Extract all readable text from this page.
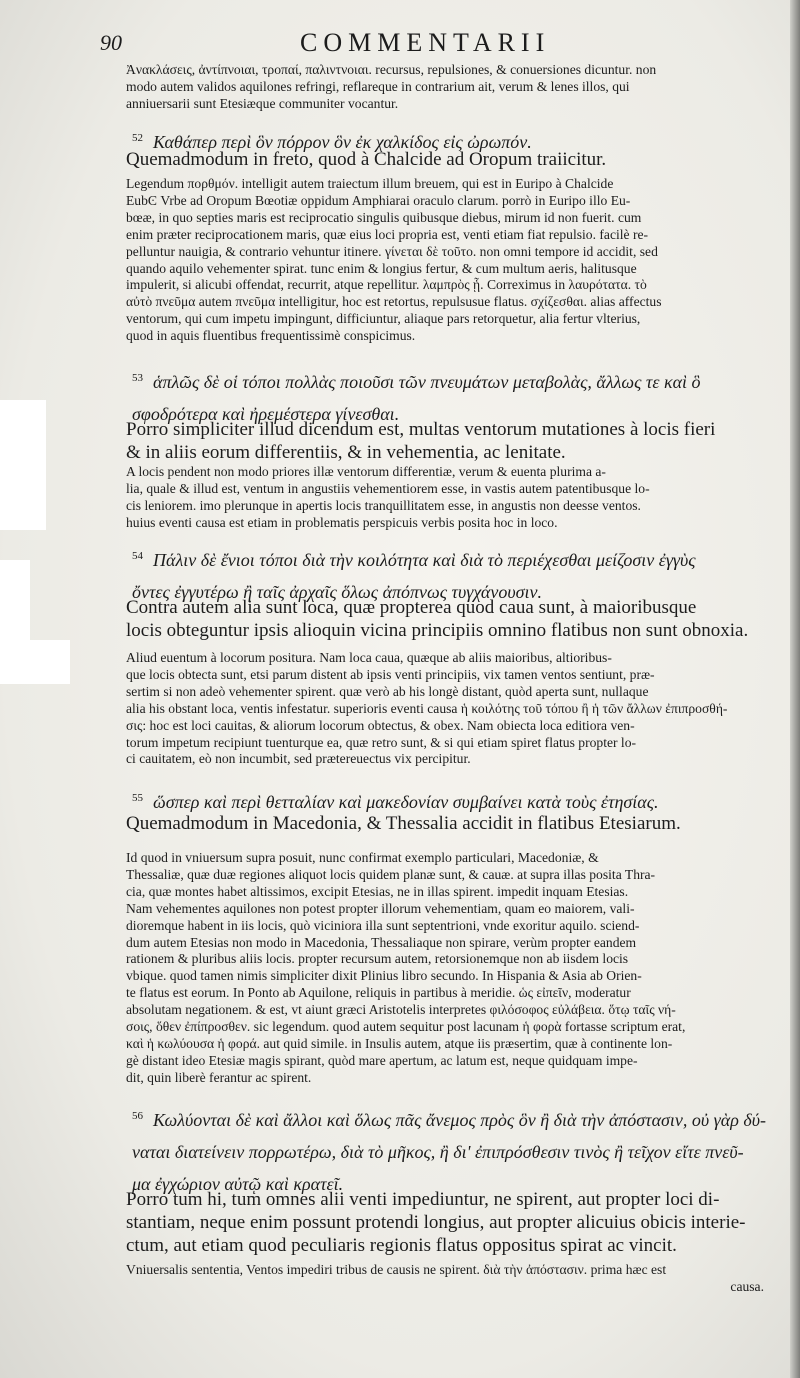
90	COMMENTARII
Ἀνακλάσεις, ἀντίπνοιαι, τροπαί, παλιντνοιαι. recursus, repulsiones, & conuersiones dicuntur. non
modo autem validos aquilones refringi, reflareque in contrarium ait, verum & lenes illos, qui
anniuersarii sunt Etesiæque communiter vocantur.
$^{52}$ Καθάπερ περὶ ὃν πόρρον ὃν ἐκ χαλκίδος εἰς ὠρωπόν.
Quemadmodum in freto, quod à Chalcide ad Oropum traiicitur.
Legendum πορθμόν. intelligit autem traiectum illum breuem, qui est in Euripo à Chalcide
EubϾ Vrbe ad Oropum Bœotiæ oppidum Amphiarai oraculo clarum. porrò in Euripo illo Eu-
bœæ, in quo septies maris est reciprocatio singulis quibusque diebus, mirum id non fuerit. cum
enim præter reciprocationem maris, quæ eius loci propria est, venti etiam fiat repulsio. facilè re-
pelluntur nauigia, & contrario vehuntur itinere. γίνεται δὲ τοῦτο. non omni tempore id accidit, sed
quando aquilo vehementer spirat. tunc enim & longius fertur, & cum multum aeris, halitusque
impulerit, si alicubi offendat, recurrit, atque repellitur. λαμπρὸς ᾖ. Correximus in λαυρότατα. τὸ
αὐτὸ πνεῦμα autem πνεῦμα intelligitur, hoc est retortus, repulsusue flatus. σχίζεσθαι. alias affectus
ventorum, qui cum impetu impingunt, difficiuntur, aliaque pars retorquetur, alia fertur vlterius,
quod in aquis fluentibus frequentissimè conspicimus.
$^{53}$ ἁπλῶς δὲ οἱ τόποι πολλὰς ποιοῦσι τῶν πνευμάτων μεταβολὰς, ἄλλως τε καὶ ὃ
σφοδρότερα καὶ ἠρεμέστερα γίνεσθαι.
Porro simpliciter illud dicendum est, multas ventorum mutationes à locis fieri
& in aliis eorum differentiis, & in vehementia, ac lenitate.
A locis pendent non modo priores illæ ventorum differentiæ, verum & euenta plurima a-
lia, quale & illud est, ventum in angustiis vehementiorem esse, in vastis autem patentibusque lo-
cis leniorem. imo plerunque in apertis locis tranquillitatem esse, in angustis non deesse ventos.
huius eventi causa est etiam in problematis perspicuis verbis posita hoc in loco.
$^{54}$ Πάλιν δὲ ἔνιοι τόποι διὰ τὴν κοιλότητα καὶ διὰ τὸ περιέχεσθαι μείζοσιν ἐγγὺς
ὄντες ἐγγυτέρω ἢ ταῖς ἀρχαῖς ὅλως ἀπόπνως τυγχάνουσιν.
Contra autem alia sunt loca, quæ propterea quod caua sunt, à maioribusque
locis obteguntur ipsis alioquin vicina principiis omnino flatibus non sunt obnoxia.
Aliud euentum à locorum positura. Nam loca caua, quæque ab aliis maioribus, altioribus-
que locis obtecta sunt, etsi parum distent ab ipsis venti principiis, vix tamen ventos sentiunt, præ-
sertim si non adeò vehementer spirent. quæ verò ab his longè distant, quòd aperta sunt, nullaque
alia his obstant loca, ventis infestatur. superioris eventi causa ἡ κοιλότης τοῦ τόπου ἢ ἡ τῶν ἄλλων ἐπιπροσθή-
σις: hoc est loci cauitas, & aliorum locorum obtectus, & obex. Nam obiecta loca editiora ven-
torum impetum recipiunt tuenturque ea, quæ retro sunt, & si qui etiam spiret flatus propter lo-
ci cauitatem, eò non incumbit, sed prætereuectus vix percipitur.
$^{55}$ ὥσπερ καὶ περὶ θετταλίαν καὶ μακεδονίαν συμβαίνει κατὰ τοὺς ἐτησίας.
Quemadmodum in Macedonia, & Thessalia accidit in flatibus Etesiarum.
Id quod in vniuersum supra posuit, nunc confirmat exemplo particulari, Macedoniæ, &
Thessaliæ, quæ duæ regiones aliquot locis quidem planæ sunt, & cauæ. at supra illas posita Thra-
cia, quæ montes habet altissimos, excipit Etesias, ne in illas spirent. impedit inquam Etesias.
Nam vehementes aquilones non potest propter illorum vehementiam, quam eo maiorem, vali-
dioremque habent in iis locis, quò viciniora illa sunt septentrioni, vnde exoritur aquilo. sciend-
dum autem Etesias non modo in Macedonia, Thessaliaque non spirare, verùm propter eandem
rationem & pluribus aliis locis. propter recursum autem, retorsionemque non ab iisdem locis
vbique. quod tamen nimis simpliciter dixit Plinius libro secundo. In Hispania & Asia ab Orien-
te flatus est eorum. In Ponto ab Aquilone, reliquis in partibus à meridie. ὡς εἰπεῖν, moderatur
absolutam negationem. & est, vt aiunt græci Aristotelis interpretes φιλόσοφος εὐλάβεια. ὅτῳ ταῖς νή-
σοις, ὅθεν ἐπίπροσθεν. sic legendum. quod autem sequitur post lacunam ἡ φορὰ fortasse scriptum erat,
καὶ ἡ κωλύουσα ἡ φορά. aut quid simile. in Insulis autem, atque iis præsertim, quæ à continente lon-
gè distant ideo Etesiæ magis spirant, quòd mare apertum, ac latum est, neque quidquam impe-
dit, quin liberè ferantur ac spirent.
$^{56}$ Κωλύονται δὲ καὶ ἄλλοι καὶ ὅλως πᾶς ἄνεμος πρὸς ὃν ἢ διὰ τὴν ἀπόστασιν, οὐ γὰρ δύ-
ναται διατείνειν πορρωτέρω, διὰ τὸ μῆκος, ἢ δι' ἐπιπρόσθεσιν τινὸς ἢ τεῖχον εἴτε πνεῦ-
μα ἐγχώριον αὐτῷ καὶ κρατεῖ.
Porro tum hi, tum omnes alii venti impediuntur, ne spirent, aut propter loci di-
stantiam, neque enim possunt protendi longius, aut propter alicuius obicis interie-
ctum, aut etiam quod peculiaris regionis flatus oppositus spirat ac vincit.
Vniuersalis sententia, Ventos impediri tribus de causis ne spirent. διὰ τὴν ἀπόστασιν. prima hæc est
causa.
